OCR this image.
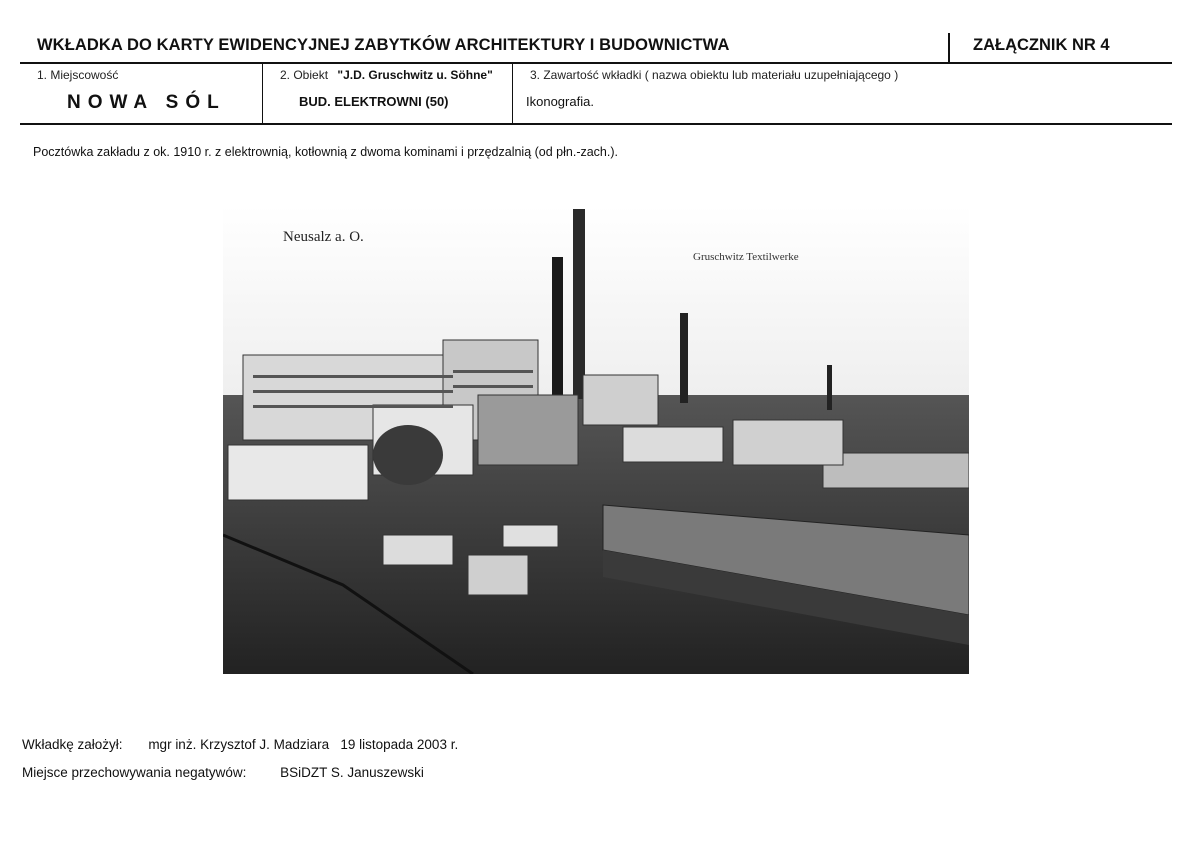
WKŁADKA DO KARTY EWIDENCYJNEJ ZABYTKÓW ARCHITEKTURY I BUDOWNICTWA	ZAŁĄCZNIK NR 4
1. Miejscowość
NOWA SÓL
2. Obiekt "J.D. Gruschwitz u. Söhne"
BUD. ELEKTROWNI (50)
3. Zawartość wkładki ( nazwa obiektu lub materiału uzupełniającego )
Ikonografia.
Pocztówka zakładu z ok. 1910 r. z elektrownią, kotłownią z dwoma kominami i przędzalnią (od płn.-zach.).
Neusalz a. O.
Gruschwitz Textilwerke
Wkładkę założył: mgr inż. Krzysztof J. Madziara   19 listopada 2003 r.
Miejsce przechowywania negatywów:	BSiDZT S. Januszewski
